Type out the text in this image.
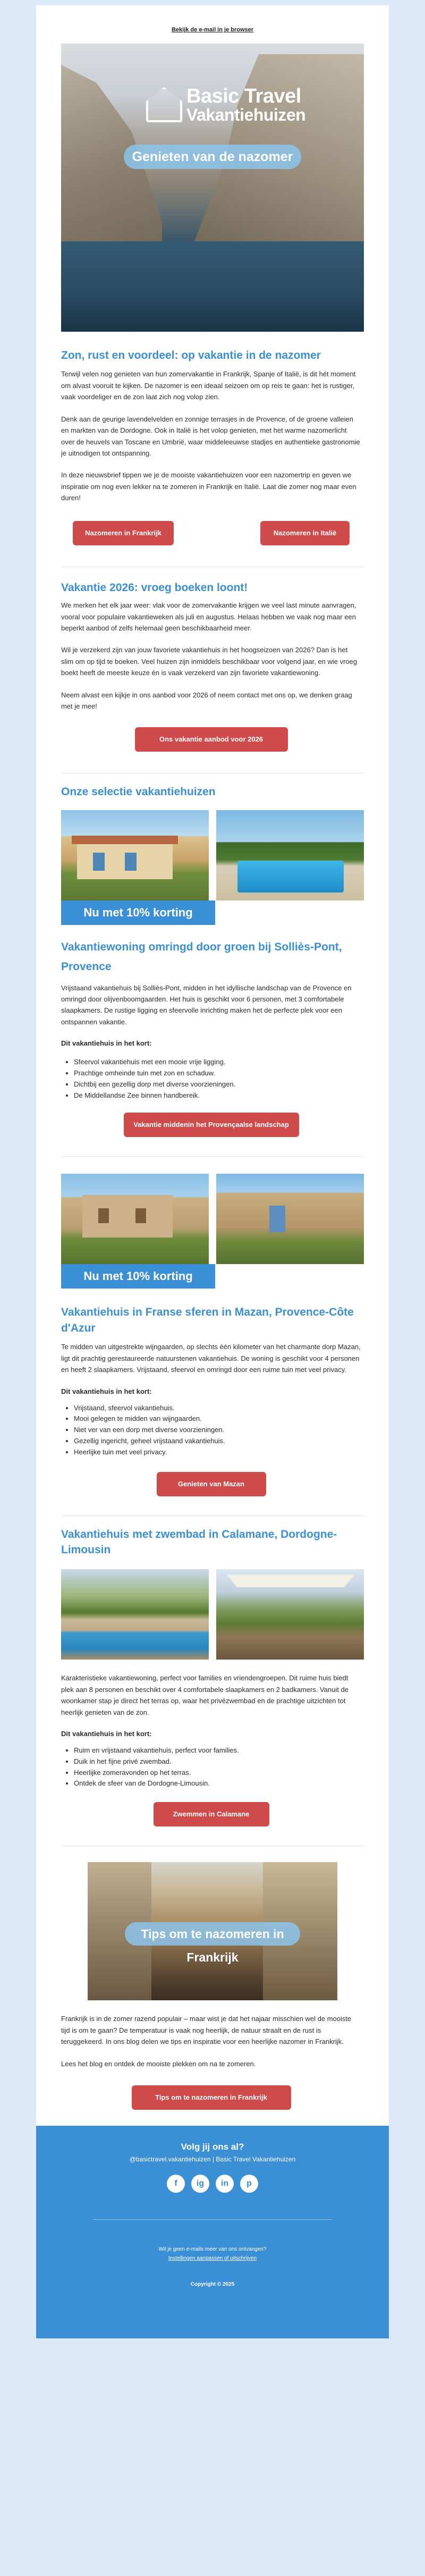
Bekijk de e-mail in je browser
Basic Travel
Vakantiehuizen
Genieten van de nazomer
Zon, rust en voordeel: op vakantie in de nazomer

Terwijl velen nog genieten van hun zomervakantie in Frankrijk, Spanje of Italië, is dit hét moment om alvast vooruit te kijken. De nazomer is een ideaal seizoen om op reis te gaan: het is rustiger, vaak voordeliger en de zon laat zich nog volop zien.

Denk aan de geurige lavendelvelden en zonnige terrasjes in de Provence, of de groene valleien en markten van de Dordogne. Ook in Italië is het volop genieten, met het warme nazomerlicht over de heuvels van Toscane en Umbrië, waar middeleeuwse stadjes en authentieke gastronomie je uitnodigen tot ontspanning.

In deze nieuwsbrief tippen we je de mooiste vakantiehuizen voor een nazomertrip en geven we inspiratie om nog even lekker na te zomeren in Frankrijk en Italië. Laat die zomer nog maar even duren!

Nazomeren in Frankrijk	Nazomeren in Italië
Vakantie 2026: vroeg boeken loont!

We merken het elk jaar weer: vlak voor de zomervakantie krijgen we veel last minute aanvragen, vooral voor populaire vakantieweken als juli en augustus. Helaas hebben we vaak nog maar een beperkt aanbod of zelfs helemaal geen beschikbaarheid meer.

Wil je verzekerd zijn van jouw favoriete vakantiehuis in het hoogseizoen van 2026? Dan is het slim om op tijd te boeken. Veel huizen zijn inmiddels beschikbaar voor volgend jaar, en wie vroeg boekt heeft de meeste keuze én is vaak verzekerd van zijn favoriete vakantiewoning.

Neem alvast een kijkje in ons aanbod voor 2026 of neem contact met ons op, we denken graag met je mee!

Ons vakantie aanbod voor 2026
Onze selectie vakantiehuizen
Nu met 10% korting
Vakantiewoning omringd door groen bij Solliès-Pont, Provence

Vrijstaand vakantiehuis bij Solliès-Pont, midden in het idyllische landschap van de Provence en omringd door olijvenboomgaarden. Het huis is geschikt voor 6 personen, met 3 comfortabele slaapkamers. De rustige ligging en sfeervolle inrichting maken het de perfecte plek voor een ontspannen vakantie.

Dit vakantiehuis in het kort:

• Sfeervol vakantiehuis met een mooie vrije ligging.
• Prachtige omheinde tuin met zon en schaduw.
• Dichtbij een gezellig dorp met diverse voorzieningen.
• De Middellandse Zee binnen handbereik.
Vakantie middenin het Provençaalse landschap
Nu met 10% korting
Vakantiehuis in Franse sferen in Mazan, Provence-Côte d'Azur

Te midden van uitgestrekte wijngaarden, op slechts één kilometer van het charmante dorp Mazan, ligt dit prachtig gerestaureerde natuurstenen vakantiehuis. De woning is geschikt voor 4 personen en heeft 2 slaapkamers. Vrijstaand, sfeervol en omringd door een ruime tuin met veel privacy.

Dit vakantiehuis in het kort:

• Vrijstaand, sfeervol vakantiehuis.
• Mooi gelegen te midden van wijngaarden.
• Niet ver van een dorp met diverse voorzieningen.
• Gezellig ingericht, geheel vrijstaand vakantiehuis.
• Heerlijke tuin met veel privacy.
Genieten van Mazan
Vakantiehuis met zwembad in Calamane, Dordogne- Limousin

Karakteristieke vakantiewoning, perfect voor families en vriendengroepen. Dit ruime huis biedt plek aan 8 personen en beschikt over 4 comfortabele slaapkamers en 2 badkamers. Vanuit de woonkamer stap je direct het terras op, waar het privézwembad en de prachtige uitzichten tot heerlijk genieten van de zon.

Dit vakantiehuis in het kort:

• Ruim en vrijstaand vakantiehuis, perfect voor families.
• Duik in het fijne privé zwembad.
• Heerlijke zomeravonden op het terras.
• Ontdek de sfeer van de Dordogne-Limousin.
Zwemmen in Calamane
Tips om te nazomeren in Frankrijk

Frankrijk is in de zomer razend populair – maar wist je dat het najaar misschien wel de mooiste tijd is om te gaan? De temperatuur is vaak nog heerlijk, de natuur straalt en de rust is teruggekeerd. In ons blog delen we tips en inspiratie voor een heerlijke nazomer in Frankrijk.

Lees het blog en ontdek de mooiste plekken om na te zomeren.

Tips om te nazomeren in Frankrijk
Volg jij ons al?
@basictravel.vakantiehuizen | Basic Travel Vakantiehuizen
f	ig	in	p
Wil je geen e-mails meer van ons ontvangen?
Instellingen aanpassen of uitschrijven
Copyright © 2025
